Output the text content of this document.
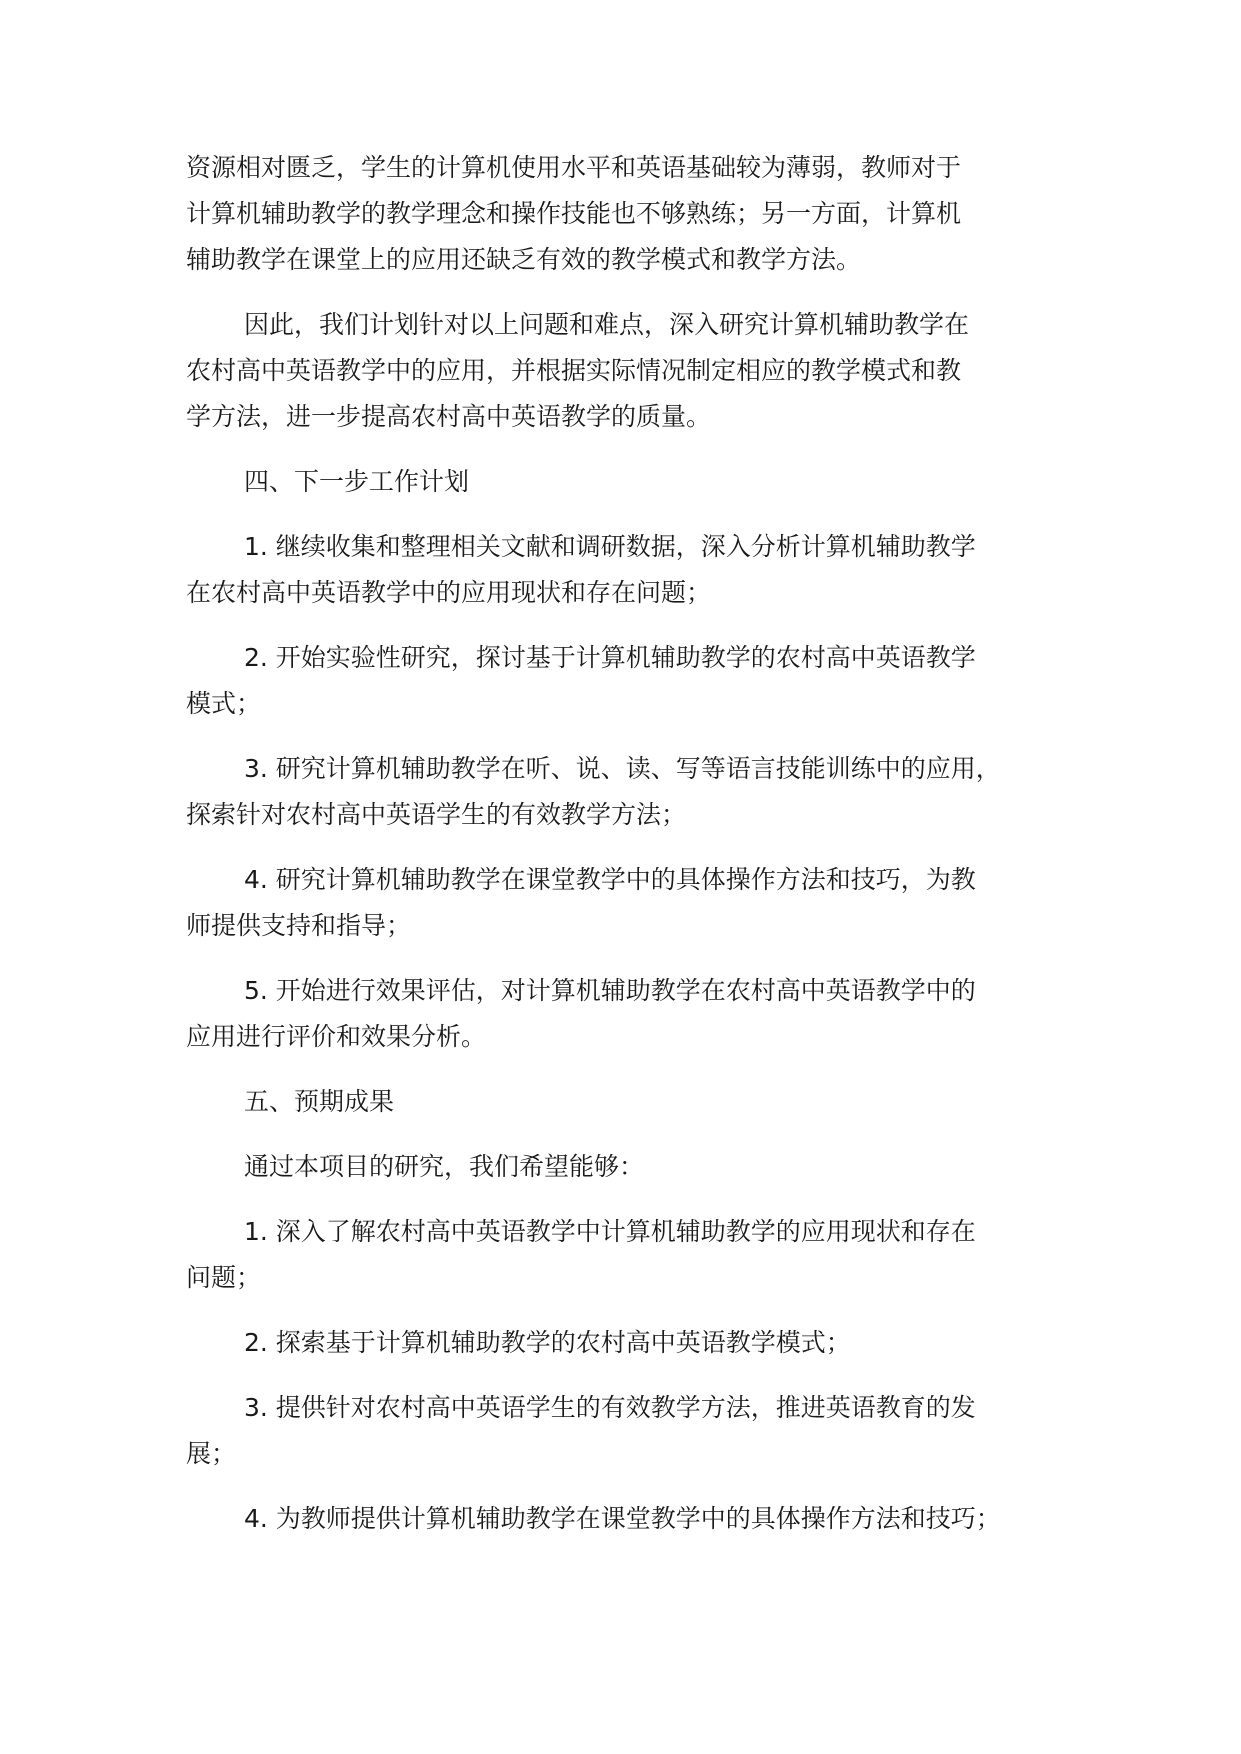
资源相对匮乏，学生的计算机使用水平和英语基础较为薄弱，教师对于
计算机辅助教学的教学理念和操作技能也不够熟练；另一方面，计算机
辅助教学在课堂上的应用还缺乏有效的教学模式和教学方法。

因此，我们计划针对以上问题和难点，深入研究计算机辅助教学在
农村高中英语教学中的应用，并根据实际情况制定相应的教学模式和教
学方法，进一步提高农村高中英语教学的质量。

四、下一步工作计划

1. 继续收集和整理相关文献和调研数据，深入分析计算机辅助教学
在农村高中英语教学中的应用现状和存在问题；

2. 开始实验性研究，探讨基于计算机辅助教学的农村高中英语教学
模式；

3. 研究计算机辅助教学在听、说、读、写等语言技能训练中的应用，
探索针对农村高中英语学生的有效教学方法；

4. 研究计算机辅助教学在课堂教学中的具体操作方法和技巧，为教
师提供支持和指导；

5. 开始进行效果评估，对计算机辅助教学在农村高中英语教学中的
应用进行评价和效果分析。

五、预期成果

通过本项目的研究，我们希望能够：

1. 深入了解农村高中英语教学中计算机辅助教学的应用现状和存在
问题；

2. 探索基于计算机辅助教学的农村高中英语教学模式；

3. 提供针对农村高中英语学生的有效教学方法，推进英语教育的发
展；

4. 为教师提供计算机辅助教学在课堂教学中的具体操作方法和技巧；
